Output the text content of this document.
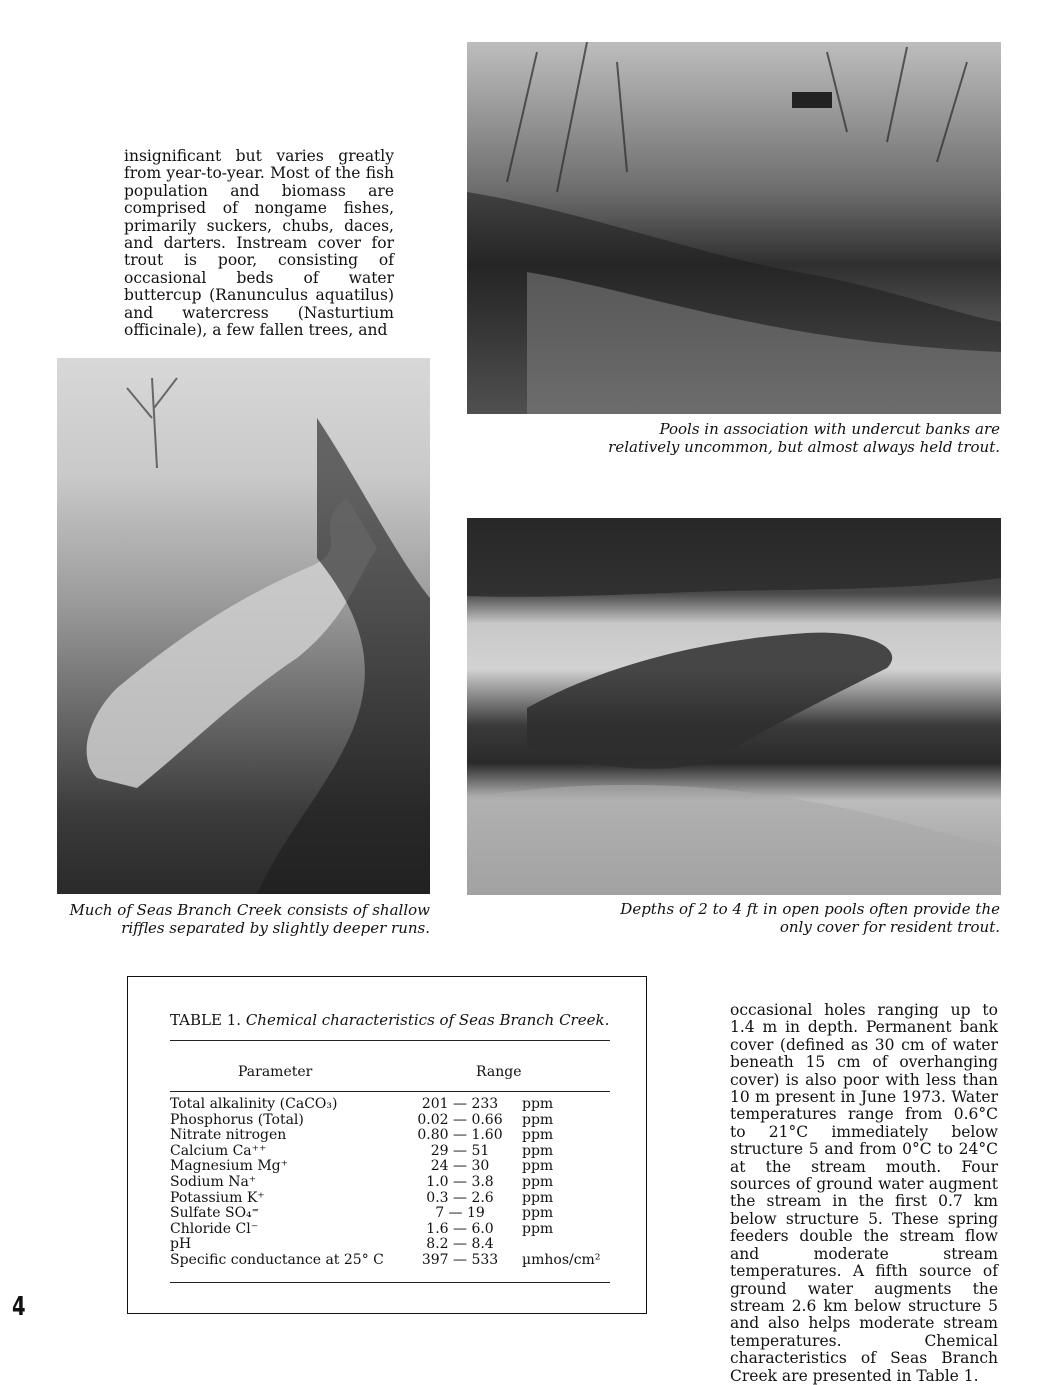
insignificant but varies greatly from year-to-year. Most of the fish population and biomass are comprised of nongame fishes, primarily suckers, chubs, daces, and darters. Instream cover for trout is poor, consisting of occasional beds of water buttercup (Ranunculus aquatilus) and watercress (Nasturtium officinale), a few fallen trees, and
Pools in association with undercut banks are relatively uncommon, but almost always held trout.
Much of Seas Branch Creek consists of shallow riffles separated by slightly deeper runs.
Depths of 2 to 4 ft in open pools often provide the only cover for resident trout.
TABLE 1. Chemical characteristics of Seas Branch Creek.
Parameter	Range
Total alkalinity (CaCO₃)	201 — 233	ppm
Phosphorus (Total)	0.02 — 0.66	ppm
Nitrate nitrogen	0.80 — 1.60	ppm
Calcium Ca⁺⁺	29 — 51	ppm
Magnesium Mg⁺	24 — 30	ppm
Sodium Na⁺	1.0 — 3.8	ppm
Potassium K⁺	0.3 — 2.6	ppm
Sulfate SO₄⁼	7 — 19	ppm
Chloride Cl⁻	1.6 — 6.0	ppm
pH	8.2 — 8.4
Specific conductance at 25° C	397 — 533	µmhos/cm²
occasional holes ranging up to 1.4 m in depth. Permanent bank cover (defined as 30 cm of water beneath 15 cm of overhanging cover) is also poor with less than 10 m present in June 1973. Water temperatures range from 0.6°C to 21°C immediately below structure 5 and from 0°C to 24°C at the stream mouth. Four sources of ground water augment the stream in the first 0.7 km below structure 5. These spring feeders double the stream flow and moderate stream temperatures. A fifth source of ground water augments the stream 2.6 km below structure 5 and also helps moderate stream temperatures. Chemical characteristics of Seas Branch Creek are presented in Table 1.
4
